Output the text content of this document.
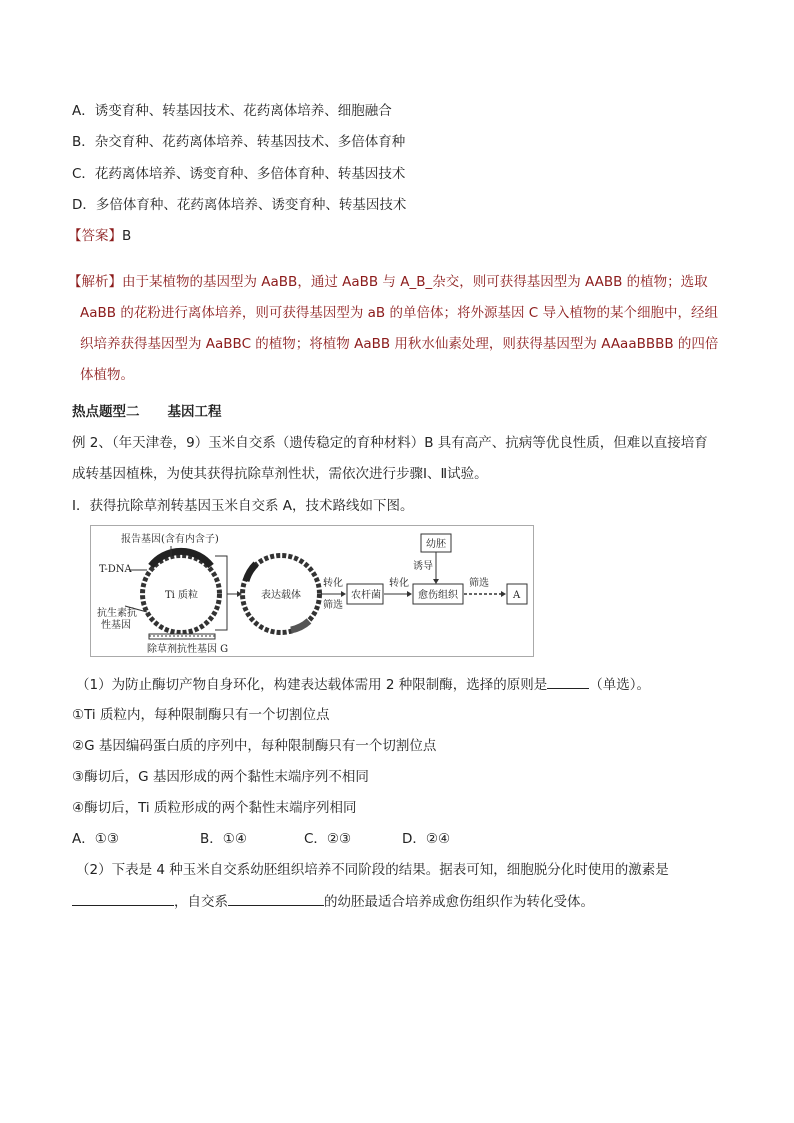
A．诱变育种、转基因技术、花药离体培养、细胞融合
B．杂交育种、花药离体培养、转基因技术、多倍体育种
C．花药离体培养、诱变育种、多倍体育种、转基因技术
D．多倍体育种、花药离体培养、诱变育种、转基因技术
【答案】B
【解析】由于某植物的基因型为 AaBB，通过 AaBB 与 A_B_杂交，则可获得基因型为 AABB 的植物；选取 AaBB 的花粉进行离体培养，则可获得基因型为 aB 的单倍体；将外源基因 C 导入植物的某个细胞中，经组织培养获得基因型为 AaBBC 的植物；将植物 AaBB 用秋水仙素处理，则获得基因型为 AAaaBBBB 的四倍体植物。
热点题型二 基因工程
例 2、（年天津卷，9）玉米自交系（遗传稳定的育种材料）B 具有高产、抗病等优良性质，但难以直接培育
成转基因植株，为使其获得抗除草剂性状，需依次进行步骤Ⅰ、Ⅱ试验。
Ⅰ．获得抗除草剂转基因玉米自交系 A，技术路线如下图。
Ti 质粒
T-DNA
报告基因(含有内含子)
抗生素抗
性基因
除草剂抗性基因 G
表达载体
转化
筛选
农杆菌
转化
幼胚
诱导
愈伤组织
筛选
A
（1）为防止酶切产物自身环化，构建表达载体需用 2 种限制酶，选择的原则是	（单选）。
①Ti 质粒内，每种限制酶只有一个切割位点
②G 基因编码蛋白质的序列中，每种限制酶只有一个切割位点
③酶切后，G 基因形成的两个黏性末端序列不相同
④酶切后，Ti 质粒形成的两个黏性末端序列相同
A．①③	B．①④	C．②③	D．②④
（2）下表是 4 种玉米自交系幼胚组织培养不同阶段的结果。据表可知，细胞脱分化时使用的激素是
，自交系	的幼胚最适合培养成愈伤组织作为转化受体。
